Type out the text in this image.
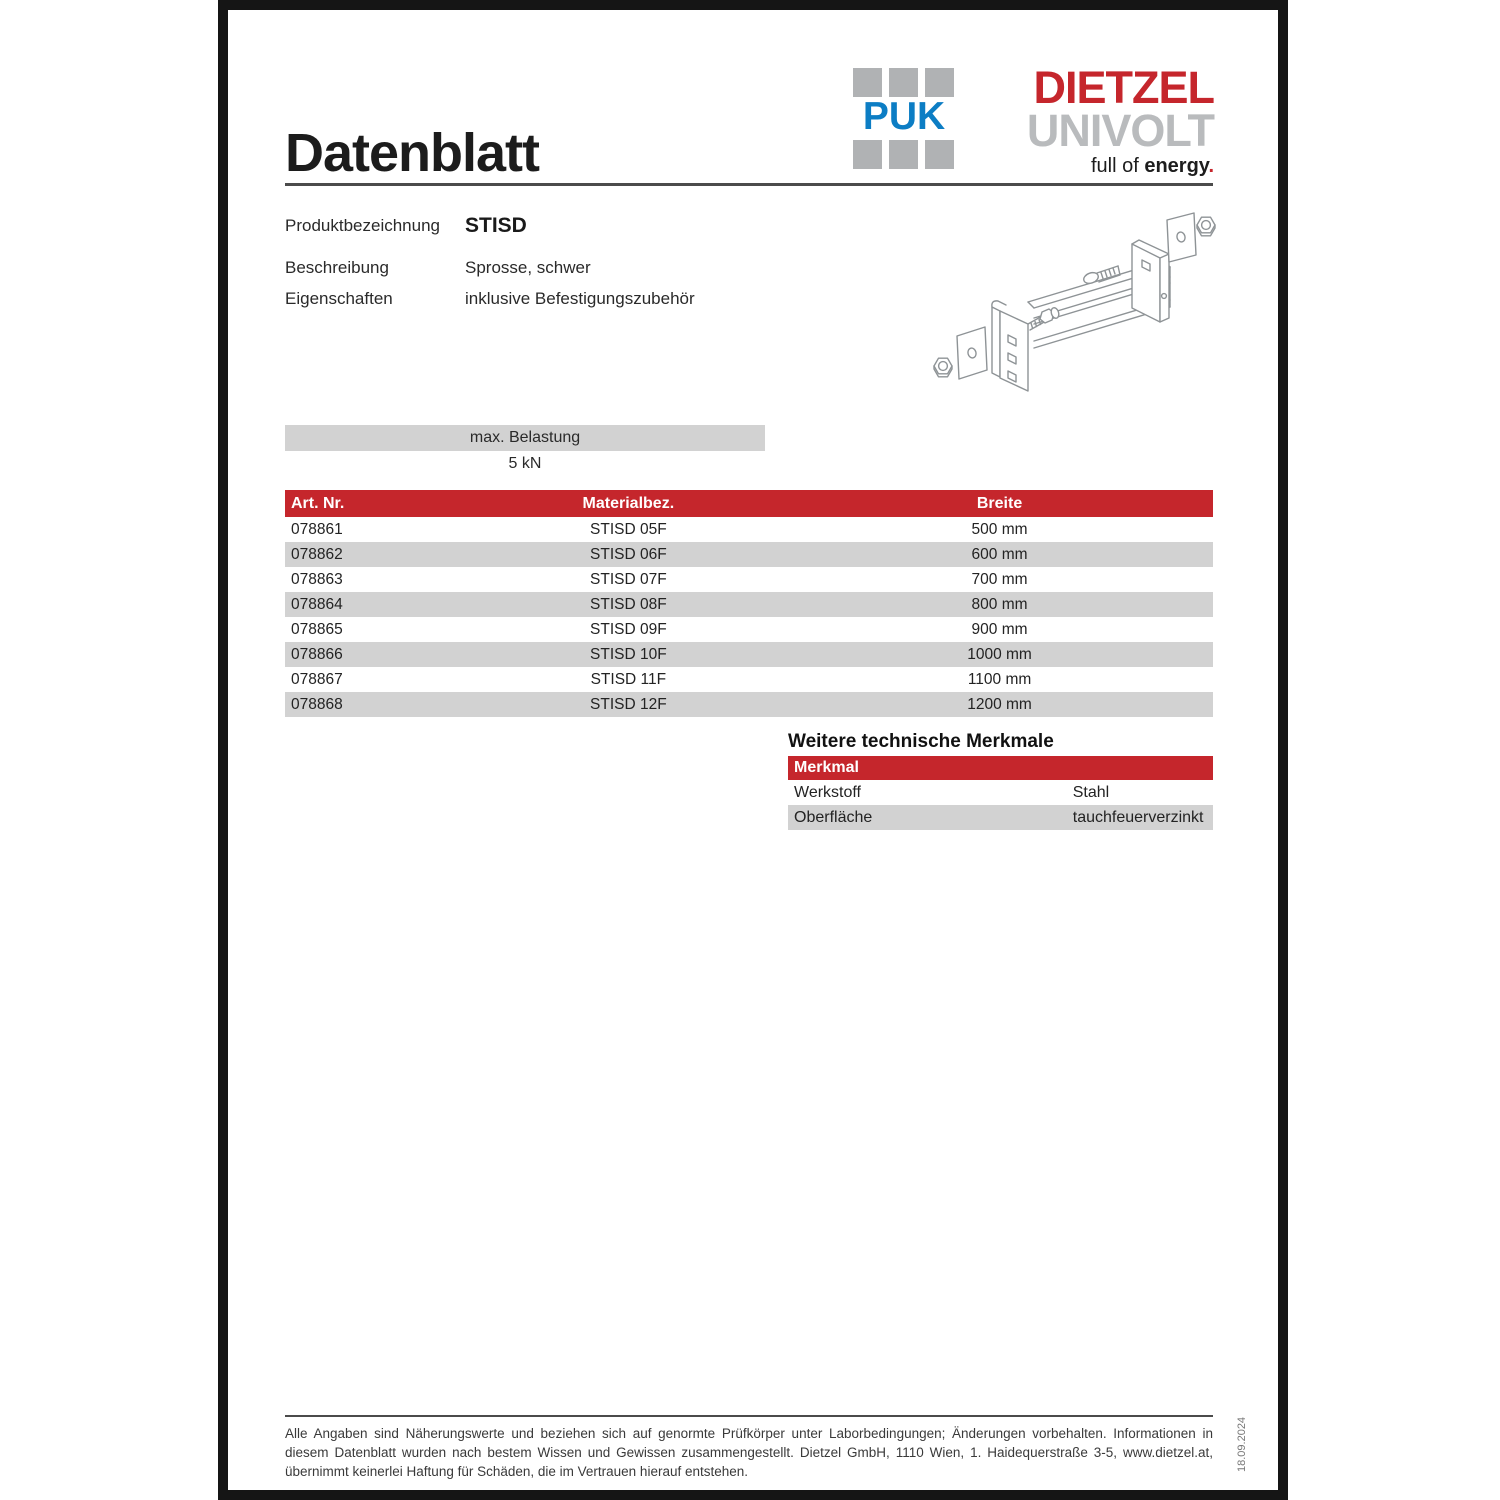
Datenblatt
PUK
DIETZEL
UNIVOLT
full of energy.
Produktbezeichnung	STISD
Beschreibung	Sprosse, schwer
Eigenschaften	inklusive Befestigungszubehör
max. Belastung
5 kN
Art. Nr.	Materialbez.	Breite
078861	STISD 05F	500 mm
078862	STISD 06F	600 mm
078863	STISD 07F	700 mm
078864	STISD 08F	800 mm
078865	STISD 09F	900 mm
078866	STISD 10F	1000 mm
078867	STISD 11F	1100 mm
078868	STISD 12F	1200 mm
Weitere technische Merkmale
Merkmal
Werkstoff	Stahl
Oberfläche	tauchfeuerverzinkt
Alle Angaben sind Näherungswerte und beziehen sich auf genormte Prüfkörper unter Laborbedingungen; Änderungen vorbehalten. Informationen in diesem Datenblatt wurden nach bestem Wissen und Gewissen zusammengestellt. Dietzel GmbH, 1110 Wien, 1. Haidequerstraße 3-5, www.dietzel.at, übernimmt keinerlei Haftung für Schäden, die im Vertrauen hierauf entstehen.	18.09.2024
